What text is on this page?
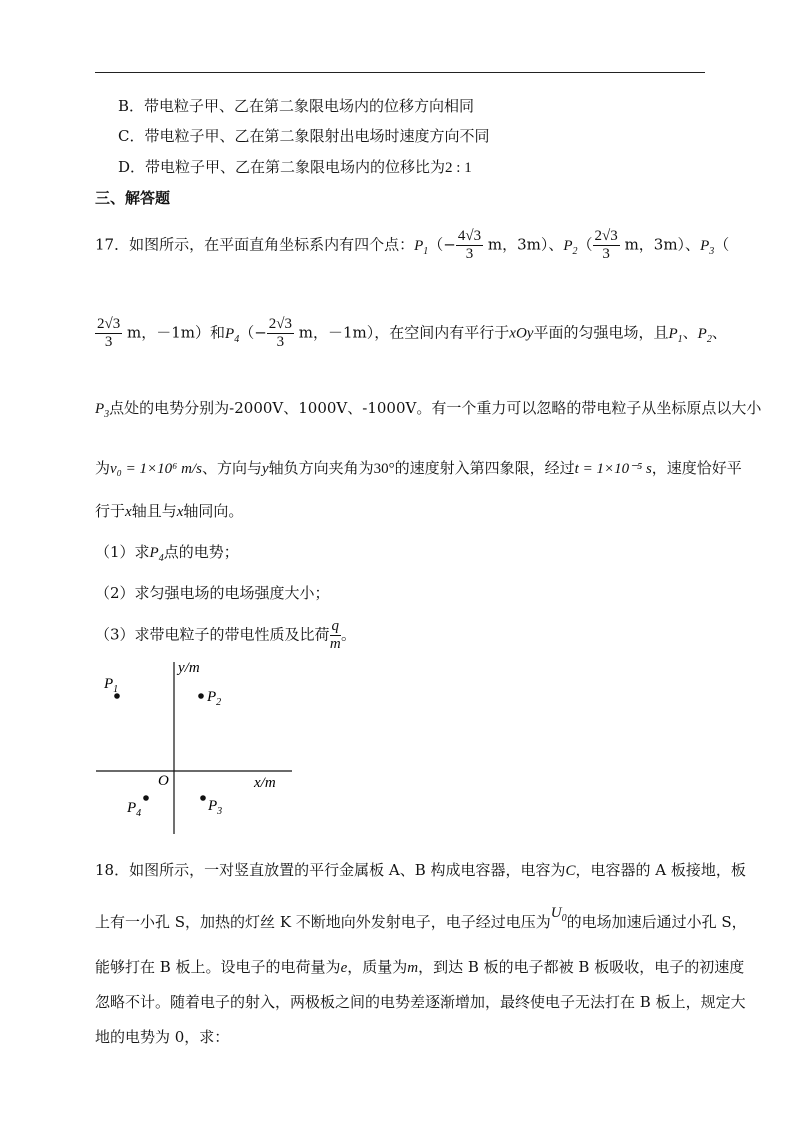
B．带电粒子甲、乙在第二象限电场内的位移方向相同
C．带电粒子甲、乙在第二象限射出电场时速度方向不同
D．带电粒子甲、乙在第二象限电场内的位移比为2 : 1
三、解答题
17．如图所示，在平面直角坐标系内有四个点：$P_1(- \frac{4√3}{3}$ m，3m）、$P_2( \frac{2√3}{3}$ m，3m）、$P_3$（
$\frac{2√3}{3}$ m，－1m）和$P_4(- \frac{2√3}{3}$ m，－1m），在空间内有平行于xOy平面的匀强电场，且$P_1$、$P_2$、
$P_3$点处的电势分别为-2000V、1000V、-1000V。有一个重力可以忽略的带电粒子从坐标原点以大小
为v₀ = 1×10⁶ m/s、方向与y轴负方向夹角为30°的速度射入第四象限，经过t = 1×10⁻⁵ s，速度恰好平
行于x轴且与x轴同向。
（1）求$P_4$点的电势；
（2）求匀强电场的电场强度大小；
（3）求带电粒子的带电性质及比荷 $\frac{q}{m}$ 。
y/m
x/m
O
$P_1$	$P_2$
$P_3$
$P_4$
18．如图所示，一对竖直放置的平行金属板 A、B 构成电容器，电容为C，电容器的 A 板接地，板
上有一小孔 S，加热的灯丝 K 不断地向外发射电子，电子经过电压为$U_0$的电场加速后通过小孔 S，
能够打在 B 板上。设电子的电荷量为e，质量为m，到达 B 板的电子都被 B 板吸收，电子的初速度
忽略不计。随着电子的射入，两极板之间的电势差逐渐增加，最终使电子无法打在 B 板上，规定大
地的电势为 0，求：
